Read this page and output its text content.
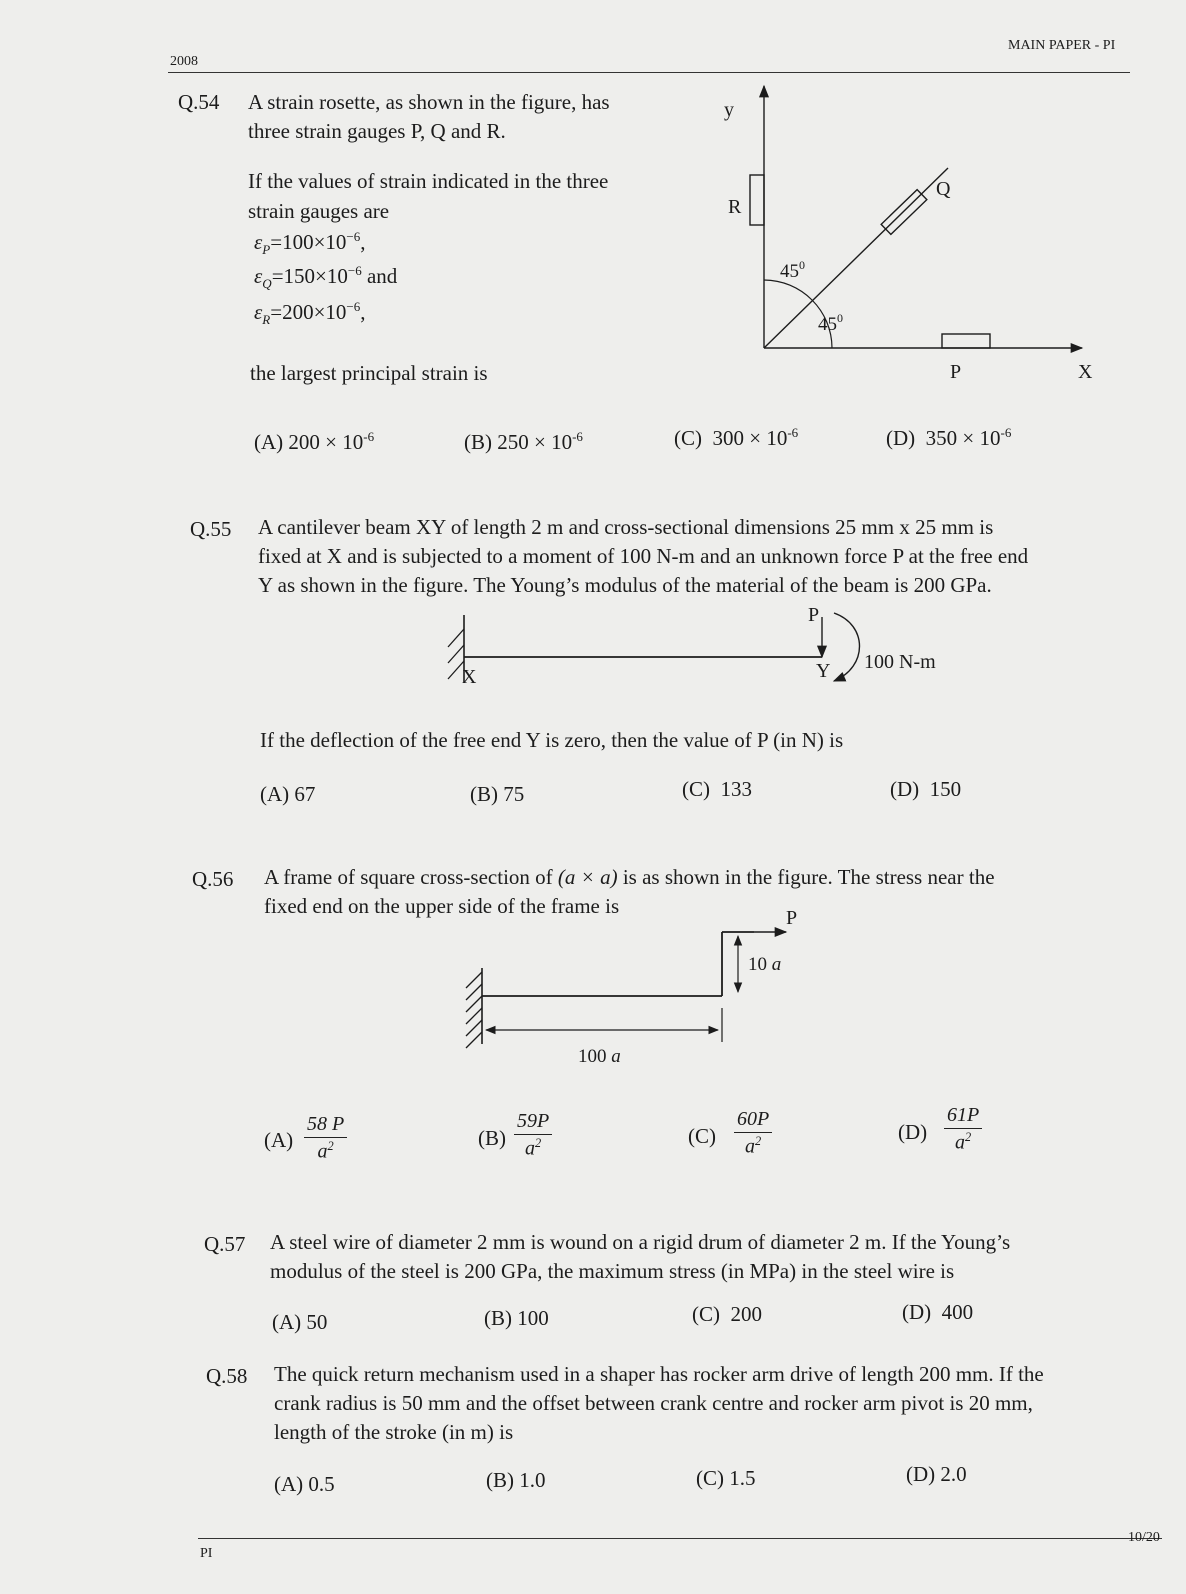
2008
MAIN PAPER - PI
Q.54 A strain rosette, as shown in the figure, has
three strain gauges P, Q and R.
If the values of strain indicated in the three
strain gauges are
$\varepsilon_P=100\times 10^{-6}$,
$\varepsilon_Q=150\times 10^{-6}$ and
$\varepsilon_R=200\times 10^{-6}$,
the largest principal strain is
y
R
Q
$45^0$
$45^0$
P	X
(A) $200 \times 10^{-6}$	(B) $250 \times 10^{-6}$	(C) $300 \times 10^{-6}$	(D) $350 \times 10^{-6}$
Q.55 A cantilever beam XY of length 2 m and cross-sectional dimensions 25 mm x 25 mm is
fixed at X and is subjected to a moment of 100 N-m and an unknown force P at the free end
Y as shown in the figure. The Young’s modulus of the material of the beam is 200 GPa.
X	Y
P
100 N-m
If the deflection of the free end Y is zero, then the value of P (in N) is
(A) 67	(B) 75	(C) 133	(D) 150
Q.56 A frame of square cross-section of (a × a) is as shown in the figure. The stress near the
fixed end on the upper side of the frame is	P
10 a
100 a
$(A) \frac{58 P}{a^2}$	$(B) \frac{59P}{a^2}$	$(C) \frac{60P}{a^2}$	$(D) \frac{61P}{a^2}$
Q.57 A steel wire of diameter 2 mm is wound on a rigid drum of diameter 2 m. If the Young’s
modulus of the steel is 200 GPa, the maximum stress (in MPa) in the steel wire is
(A) 50	(B) 100	(C) 200	(D) 400
Q.58 The quick return mechanism used in a shaper has rocker arm drive of length 200 mm. If the
crank radius is 50 mm and the offset between crank centre and rocker arm pivot is 20 mm,
length of the stroke (in m) is
(A) 0.5	(B) 1.0	(C) 1.5	(D) 2.0
PI
10/20
